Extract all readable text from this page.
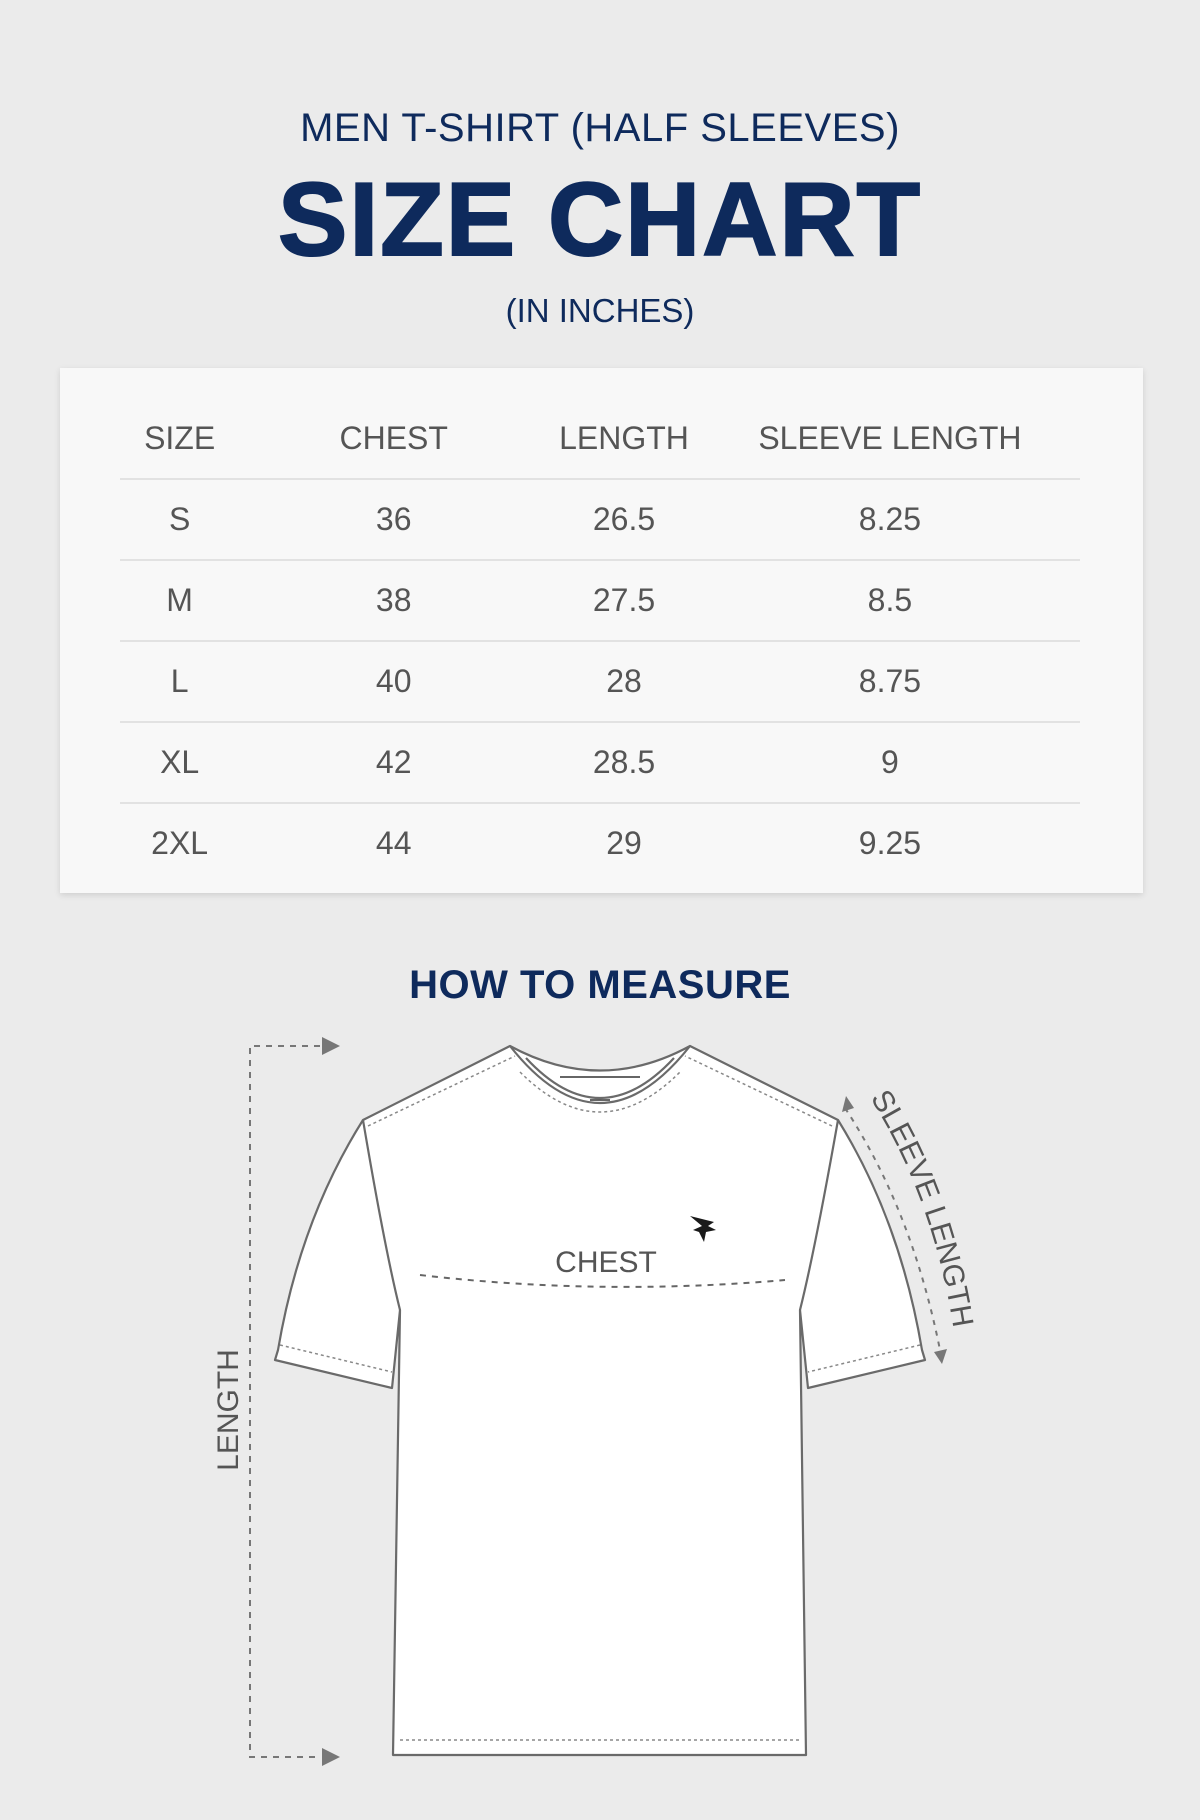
MEN T-SHIRT (HALF SLEEVES)
SIZE CHART
(IN INCHES)
SIZE	CHEST	LENGTH	SLEEVE LENGTH
S	36	26.5	8.25
M	38	27.5	8.5
L	40	28	8.75
XL	42	28.5	9
2XL	44	29	9.25
HOW TO MEASURE
CHEST
LENGTH
SLEEVE LENGTH
